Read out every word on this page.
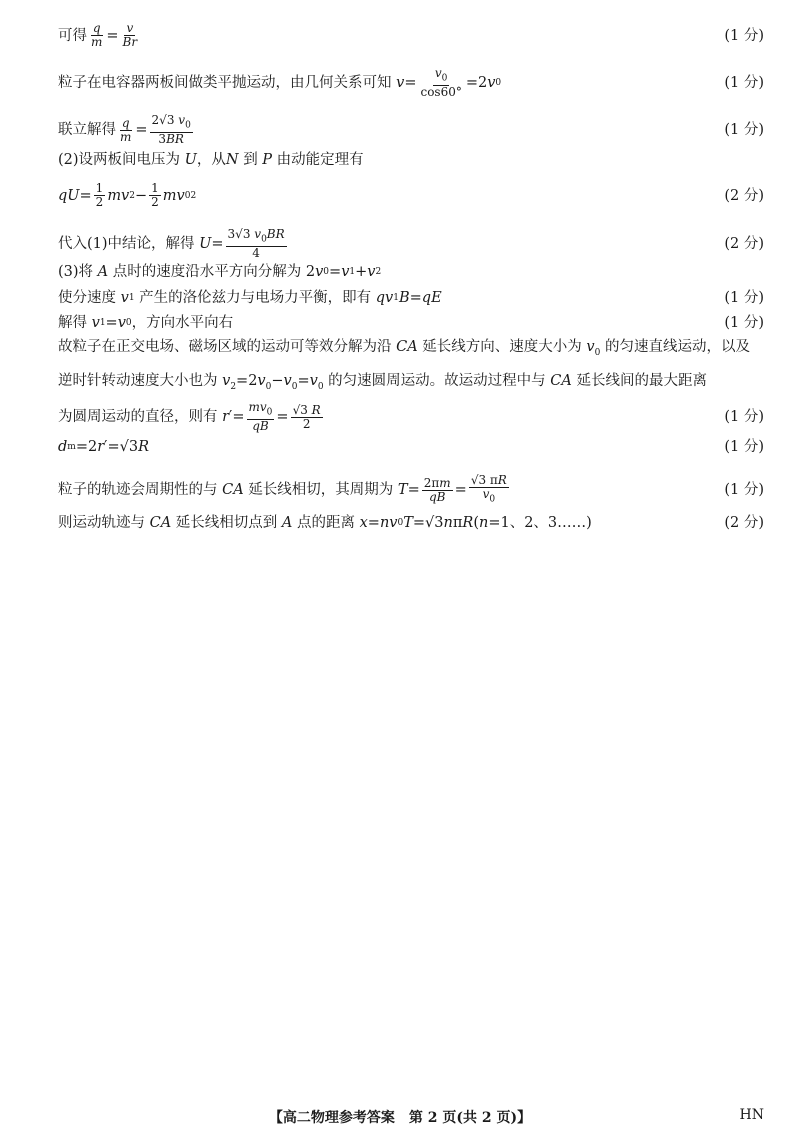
可得 $\frac{q}{m} = \frac{v}{Br}$	(1 分)
粒子在电容器两板间做类平抛运动，由几何关系可知
$v = \frac{v_0}{\cos 60^\circ} =2$ v 0	(1 分)
联立解得 $\frac{q}{m} = \frac{2√3 v_0}{3BR}$	(1 分)
(2)设两板间电压为
U ，从 N
到
P
由动能定理有
qU = $\frac{1}{2}$ mv $2 - \frac{1}{2}$ mv 0 2	(2 分)
代入(1)中结论，解得
$U = \frac{3√3 v_0BR}{4}$	(2 分)
(3)将
A
点时的速度沿水平方向分解为 2 v 0 = v 1 + v 2
使分速度
v 1
产生的洛伦兹力与电场力平衡，即有
qv 1 B = qE	(1 分)
解得
v 1 = v 0 ，方向水平向右	(1 分)
故粒子在正交电场、磁场区域的运动可等效分解为沿 CA 延长线方向、速度大小为 $v_0$ 的匀速直线运动，以及逆时针转动速度大小也为 $v_2=2v_0-v_0=v_0$ 的匀速圆周运动。故运动过程中与 CA 延长线间的最大距离
为圆周运动的直径，则有
r ′= $\frac{mv_0}{qB} = \frac{√3 R}{2}$	(1 分)
d m =2 r ′=√3 R	(1 分)
粒子的轨迹会周期性的与
CA
延长线相切，其周期为
$T = \frac{2\pi m}{qB} = \frac{√3 \pi R}{v_0}$	(1 分)
则运动轨迹与
CA
延长线相切点到
A
点的距离
x = nv 0 T =√3 n π R ( n =1、2、3……)	(2 分)
【高二物理参考答案　第 2 页(共 2 页)】	HN
